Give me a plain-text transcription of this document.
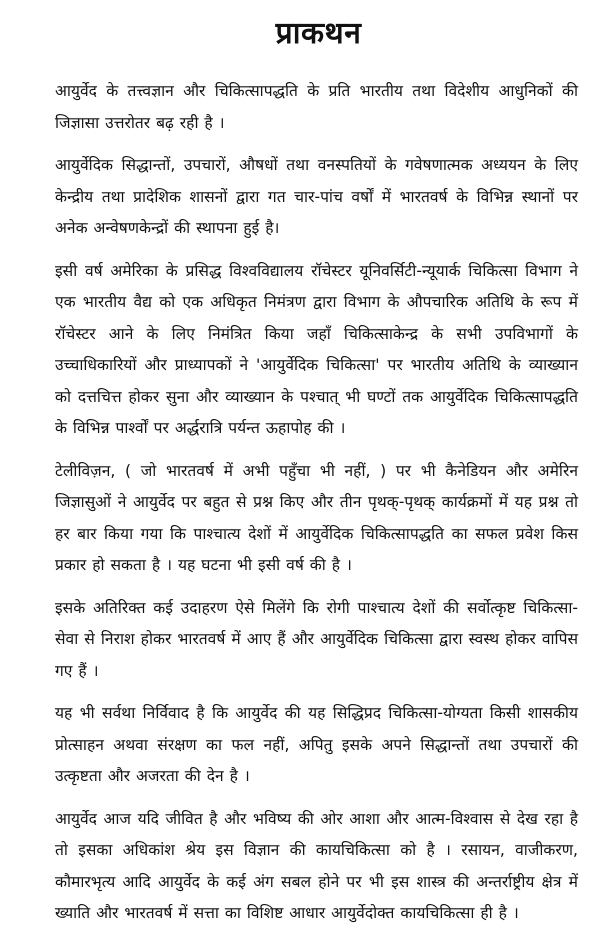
प्राकथन

आयुर्वेद के तत्त्वज्ञान और चिकित्सापद्धति के प्रति भारतीय तथा विदेशीय आधुनिकों की जिज्ञासा उत्तरोतर बढ़ रही है ।

आयुर्वेदिक सिद्धान्तों, उपचारों, औषधों तथा वनस्पतियों के गवेषणात्मक अध्ययन के लिए केन्द्रीय तथा प्रादेशिक शासनों द्वारा गत चार-पांच वर्षों में भारतवर्ष के विभिन्न स्थानों पर अनेक अन्वेषणकेन्द्रों की स्थापना हुई है।

इसी वर्ष अमेरिका के प्रसिद्ध विश्वविद्यालय रॉचेस्टर यूनिवर्सिटी-न्यूयार्क चिकित्सा विभाग ने एक भारतीय वैद्य को एक अधिकृत निमंत्रण द्वारा विभाग के औपचारिक अतिथि के रूप में रॉचेस्टर आने के लिए निमंत्रित किया जहाँ चिकित्साकेन्द्र के सभी उपविभागों के उच्चाधिकारियों और प्राध्यापकों ने 'आयुर्वेदिक चिकित्सा' पर भारतीय अतिथि के व्याख्यान को दत्तचित्त होकर सुना और व्याख्यान के पश्चात् भी घण्टों तक आयुर्वेदिक चिकित्सापद्धति के विभिन्न पार्श्वों पर अर्द्धरात्रि पर्यन्त ऊहापोह की ।

टेलीविज़न, ( जो भारतवर्ष में अभी पहुँचा भी नहीं, ) पर भी कैनेडियन और अमेरिन जिज्ञासुओं ने आयुर्वेद पर बहुत से प्रश्न किए और तीन पृथक्-पृथक् कार्यक्रमों में यह प्रश्न तो हर बार किया गया कि पाश्चात्य देशों में आयुर्वेदिक चिकित्सापद्धति का सफल प्रवेश किस प्रकार हो सकता है । यह घटना भी इसी वर्ष की है ।

इसके अतिरिक्त कई उदाहरण ऐसे मिलेंगे कि रोगी पाश्चात्य देशों की सर्वोत्कृष्ट चिकित्सा-सेवा से निराश होकर भारतवर्ष में आए हैं और आयुर्वेदिक चिकित्सा द्वारा स्वस्थ होकर वापिस गए हैं ।

यह भी सर्वथा निर्विवाद है कि आयुर्वेद की यह सिद्धिप्रद चिकित्सा-योग्यता किसी शासकीय प्रोत्साहन अथवा संरक्षण का फल नहीं, अपितु इसके अपने सिद्धान्तों तथा उपचारों की उत्कृष्टता और अजरता की देन है ।

आयुर्वेद आज यदि जीवित है और भविष्य की ओर आशा और आत्म-विश्वास से देख रहा है तो इसका अधिकांश श्रेय इस विज्ञान की कायचिकित्सा को है । रसायन, वाजीकरण, कौमारभृत्य आदि आयुर्वेद के कई अंग सबल होने पर भी इस शास्त्र की अन्तर्राष्ट्रीय क्षेत्र में ख्याति और भारतवर्ष में सत्ता का विशिष्ट आधार आयुर्वेदोक्त कायचिकित्सा ही है ।
